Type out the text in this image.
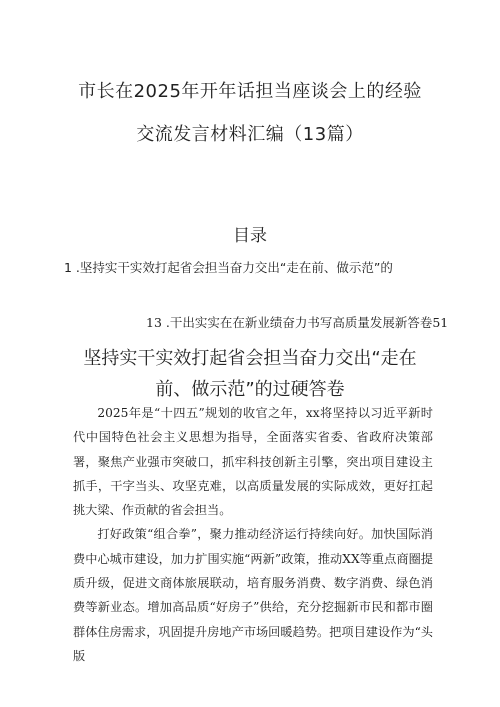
市长在2025年开年话担当座谈会上的经验
交流发言材料汇编（13篇）
目录
1 .坚持实干实效打起省会担当奋力交出“走在前、做示范”的
13 .干出实实在在新业绩奋力书写高质量发展新答卷51
坚持实干实效打起省会担当奋力交出“走在
前、做示范”的过硬答卷

2025年是“十四五”规划的收官之年，xx将坚持以习近平新时代中国特色社会主义思想为指导，全面落实省委、省政府决策部署，聚焦产业强市突破口，抓牢科技创新主引擎，突出项目建设主抓手，干字当头、攻坚克难，以高质量发展的实际成效，更好扛起挑大梁、作贡献的省会担当。

打好政策“组合拳”，聚力推动经济运行持续向好。加快国际消费中心城市建设，加力扩围实施“两新”政策，推动XX等重点商圈提质升级，促进文商体旅展联动，培育服务消费、数字消费、绿色消费等新业态。增加高品质“好房子”供给，充分挖掘新市民和都市圈群体住房需求，巩固提升房地产市场回暖趋势。把项目建设作为“头版
